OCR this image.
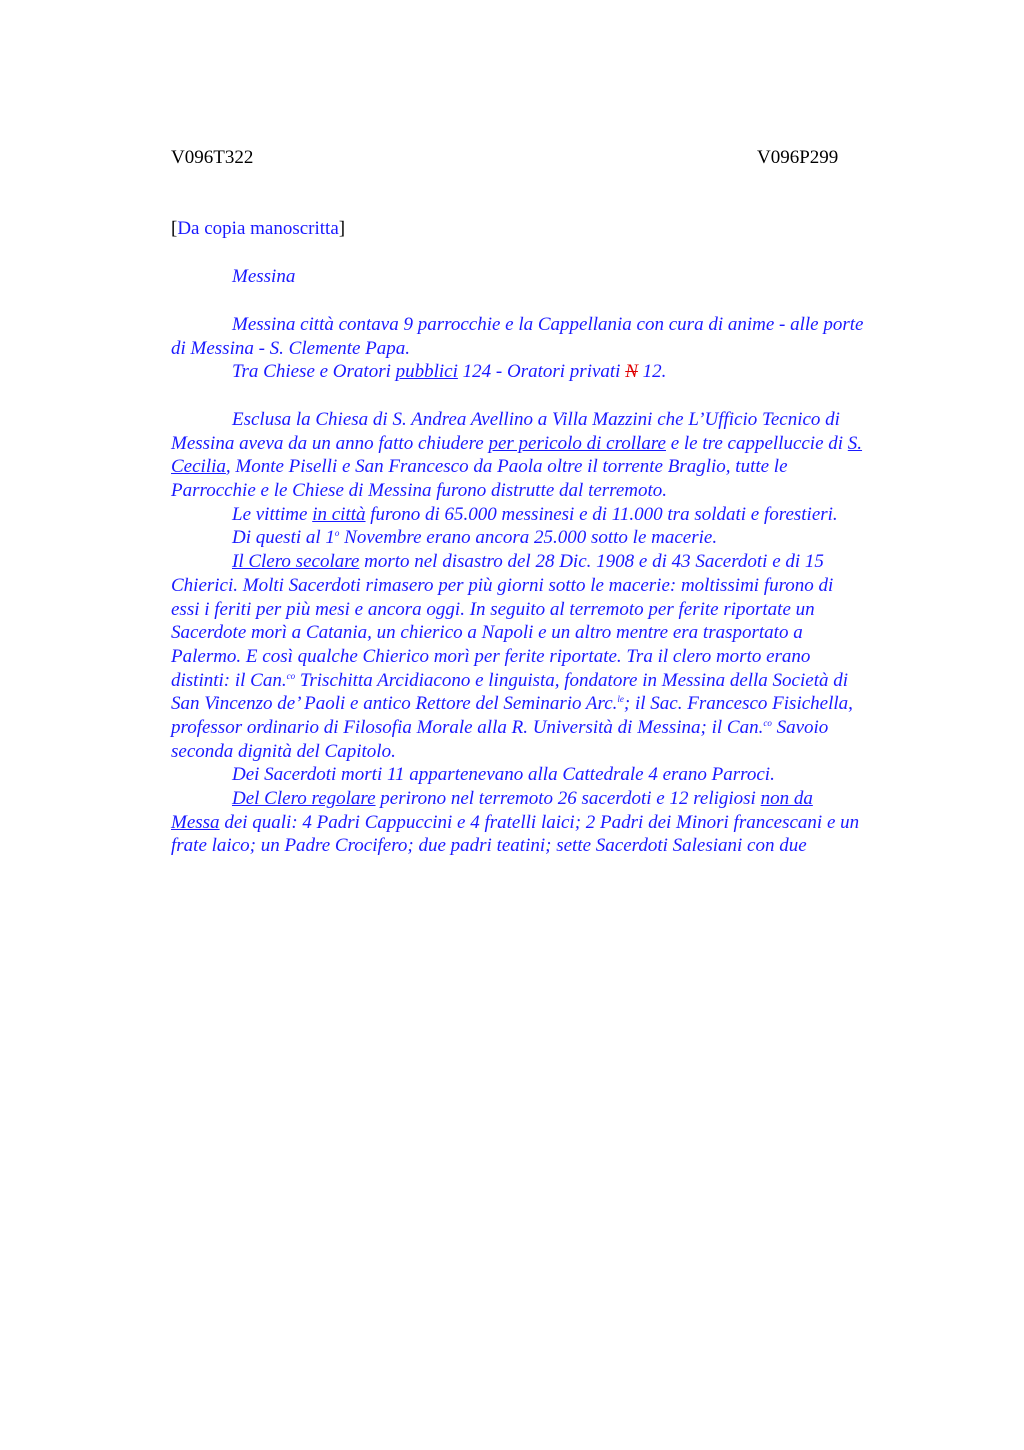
V096T322	V096P299
[Da copia manoscritta]
Messina
Messina città contava 9 parrocchie e la Cappellania con cura di anime - alle porte
di Messina - S. Clemente Papa.
Tra Chiese e Oratori pubblici 124 - Oratori privati N 12.
Esclusa la Chiesa di S. Andrea Avellino a Villa Mazzini che L’Ufficio Tecnico di
Messina aveva da un anno fatto chiudere per pericolo di crollare e le tre cappelluccie di S.
Cecilia, Monte Piselli e San Francesco da Paola oltre il torrente Braglio, tutte le
Parrocchie e le Chiese di Messina furono distrutte dal terremoto.
Le vittime in città furono di 65.000 messinesi e di 11.000 tra soldati e forestieri.
Di questi al 1$^o$ Novembre erano ancora 25.000 sotto le macerie.
Il Clero secolare morto nel disastro del 28 Dic. 1908 e di 43 Sacerdoti e di 15
Chierici. Molti Sacerdoti rimasero per più giorni sotto le macerie: moltissimi furono di
essi i feriti per più mesi e ancora oggi. In seguito al terremoto per ferite riportate un
Sacerdote morì a Catania, un chierico a Napoli e un altro mentre era trasportato a
Palermo. E così qualche Chierico morì per ferite riportate. Tra il clero morto erano
distinti: il Can.$^{co}$ Trischitta Arcidiacono e linguista, fondatore in Messina della Società di
San Vincenzo de’ Paoli e antico Rettore del Seminario Arc.$^{le}$; il Sac. Francesco Fisichella,
professor ordinario di Filosofia Morale alla R. Università di Messina; il Can.$^{co}$ Savoio
seconda dignità del Capitolo.
Dei Sacerdoti morti 11 appartenevano alla Cattedrale 4 erano Parroci.
Del Clero regolare perirono nel terremoto 26 sacerdoti e 12 religiosi non da
Messa dei quali: 4 Padri Cappuccini e 4 fratelli laici; 2 Padri dei Minori francescani e un
frate laico; un Padre Crocifero; due padri teatini; sette Sacerdoti Salesiani con due
